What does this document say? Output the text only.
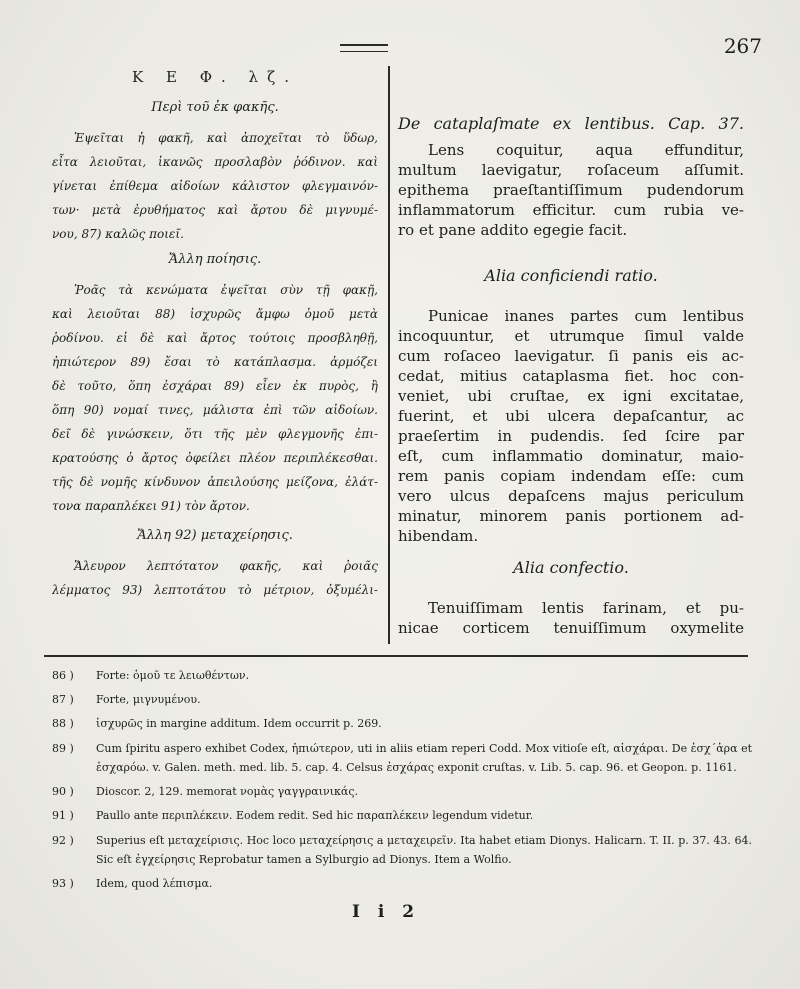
267
Κ Ε Φ. λζ.
Περὶ τοῦ ἐκ φακῆς.
Ἑψεῖται ἡ φακῆ, καὶ ἀποχεῖται τὸ ὕδωρ,
εἶτα λειοῦται, ἱκανῶς προσλαβὸν ῥόδινον. καὶ
γίνεται ἐπίθεμα αἰδοίων κάλιστον φλεγμαινόν-
των· μετὰ ἐρυθήματος καὶ ἄρτου δὲ μιγνυμέ-
νου, 87) καλῶς ποιεῖ.
Ἄλλη ποίησις.
Ῥοᾶς τὰ κενώματα ἑψεῖται σὺν τῇ φακῇ,
καὶ λειοῦται 88) ἰσχυρῶς ἄμφω ὁμοῦ μετὰ
ῥοδίνου. εἰ δὲ καὶ ἄρτος τούτοις προσβληθῇ,
ἠπιώτερον 89) ἔσαι τὸ κατάπλασμα. ἁρμόζει
δὲ τοῦτο, ὅπη ἐσχάραι 89) εἶεν ἐκ πυρὸς, ἢ
ὅπη 90) νομαί τινες, μάλιστα ἐπὶ τῶν αἰδοίων.
δεῖ δὲ γινώσκειν, ὅτι τῆς μὲν φλεγμονῆς ἐπι-
κρατούσης ὁ ἄρτος ὀφείλει πλέον περιπλέκεσθαι.
τῆς δὲ νομῆς κίνδυνον ἀπειλούσης μείζονα, ἐλάτ-
τονα παραπλέκει 91) τὸν ἄρτον.
Ἄλλη 92) μεταχείρησις.
Ἄλευρον λεπτότατον φακῆς, καὶ ῥοιᾶς
λέμματος 93) λεπτοτάτου τὸ μέτριον, ὀξυμέλι-
De cataplaſmate ex lentibus. Cap. 37.
Lens coquitur, aqua effunditur,
multum laevigatur, roſaceum aſſumit.
epithema praeſtantiſſimum pudendorum
inflammatorum efficitur. cum rubia ve-
ro et pane addito egegie facit.
Alia conficiendi ratio.
Punicae inanes partes cum lentibus
incoquuntur, et utrumque ſimul valde
cum roſaceo laevigatur. ſi panis eis ac-
cedat, mitius cataplasma fiet. hoc con-
veniet, ubi cruſtae, ex igni excitatae,
fuerint, et ubi ulcera depaſcantur, ac
praeſertim in pudendis. ſed ſcire par
eſt, cum inflammatio dominatur, maio-
rem panis copiam indendam eſſe: cum
vero ulcus depaſcens majus periculum
minatur, minorem panis portionem ad-
hibendam.
Alia confectio.
Tenuiſſimam lentis farinam, et pu-
nicae corticem tenuiſſimum oxymelite
86 )	Forte: ὁμοῦ τε λειωθέντων.
87 )	Forte, μιγνυμένου.
88 )	ἰσχυρῶς in margine additum. Idem occurrit p. 269.
89 )	Cum ſpiritu aspero exhibet Codex, ἡπιώτερον, uti in aliis etiam reperi Codd. Mox vitioſe eſt, αἰσχάραι. De ἐσχ´ἀρα et ἐσχαρόω. v. Galen. meth. med. lib. 5. cap. 4. Celsus ἐσχάρας exponit cruſtas. v. Lib. 5. cap. 96. et Geopon. p. 1161.
90 )	Dioscor. 2, 129. memorat νομὰς γαγγραινικάς.
91 )	Paullo ante περιπλέκειν. Eodem redit. Sed hic παραπλέκειν legendum videtur.
92 )	Superius eſt μεταχείρισις. Hoc loco μεταχείρησις a μεταχειρεῖν. Ita habet etiam Dionys. Halicarn. T. II. p. 37. 43. 64. Sic eſt ἐγχείρησις Reprobatur tamen a Sylburgio ad Dionys. Item a Wolfio.
93 )	Idem, quod λέπισμα.
I i 2
